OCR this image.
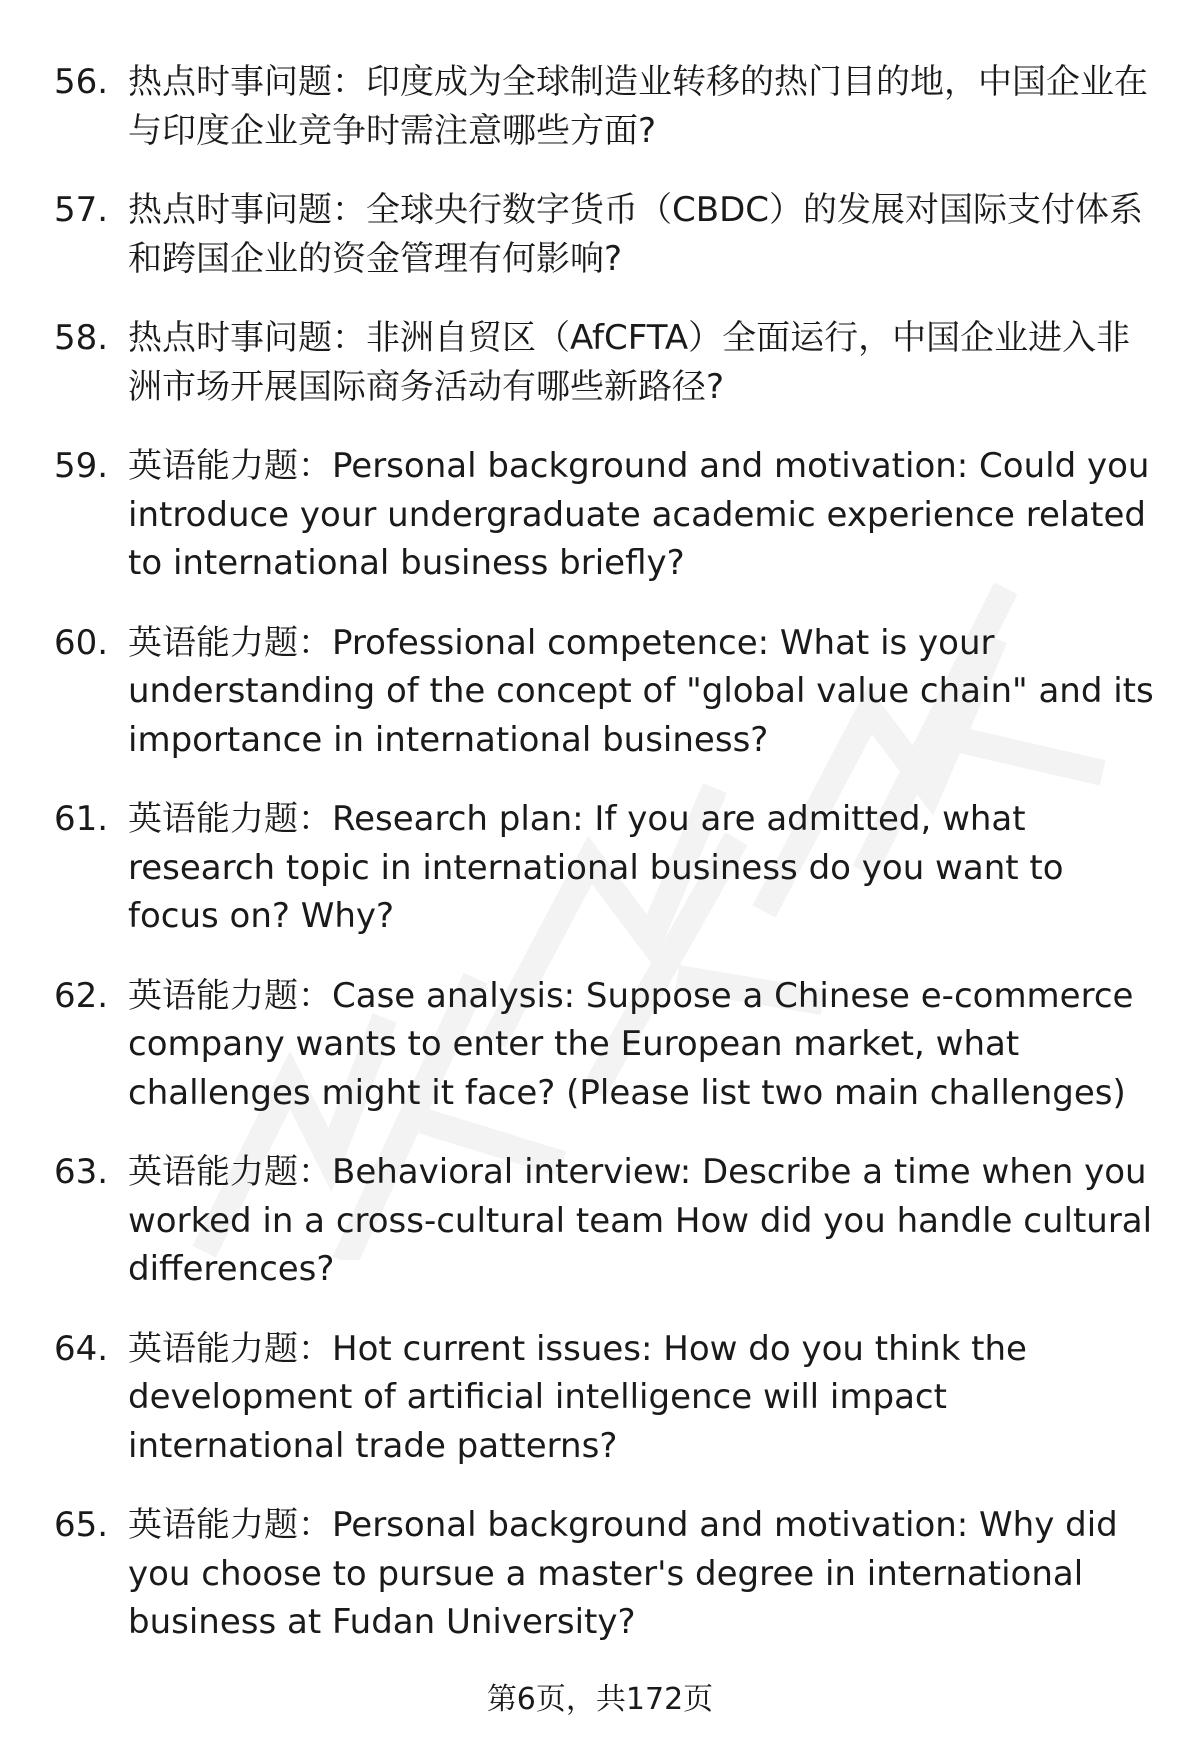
56. 热点时事问题：印度成为全球制造业转移的热门目的地，中国企业在与印度企业竞争时需注意哪些方面?
57. 热点时事问题：全球央行数字货币（CBDC）的发展对国际支付体系和跨国企业的资金管理有何影响?
58. 热点时事问题：非洲自贸区（AfCFTA）全面运行，中国企业进入非洲市场开展国际商务活动有哪些新路径?
59. 英语能力题：Personal background and motivation: Could you introduce your undergraduate academic experience related to international business briefly?
60. 英语能力题：Professional competence: What is your understanding of the concept of "global value chain" and its importance in international business?
61. 英语能力题：Research plan: If you are admitted, what research topic in international business do you want to focus on? Why?
62. 英语能力题：Case analysis: Suppose a Chinese e-commerce company wants to enter the European market, what challenges might it face? (Please list two main challenges)
63. 英语能力题：Behavioral interview: Describe a time when you worked in a cross-cultural team How did you handle cultural differences?
64. 英语能力题：Hot current issues: How do you think the development of artificial intelligence will impact international trade patterns?
65. 英语能力题：Personal background and motivation: Why did you choose to pursue a master's degree in international business at Fudan University?
第6页，共172页
